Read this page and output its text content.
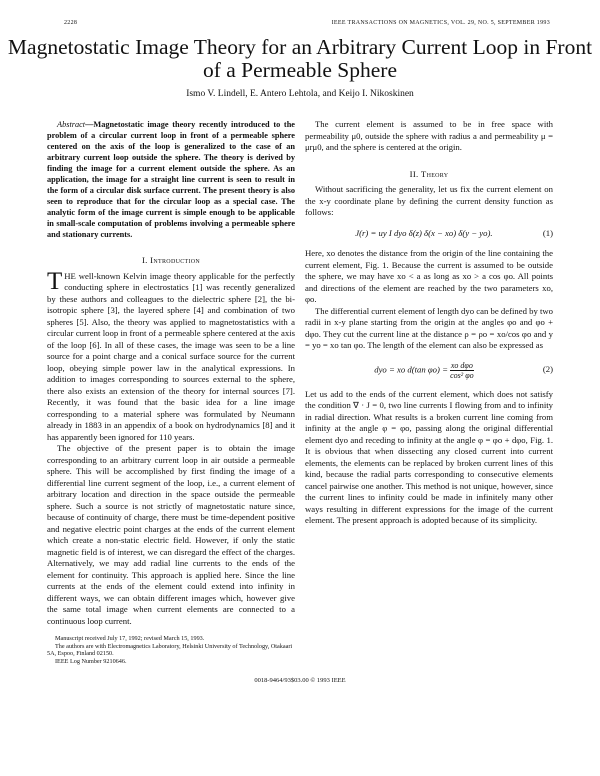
2228	IEEE TRANSACTIONS ON MAGNETICS, VOL. 29, NO. 5, SEPTEMBER 1993
Magnetostatic Image Theory for an Arbitrary Current Loop in Front of a Permeable Sphere
Ismo V. Lindell, E. Antero Lehtola, and Keijo I. Nikoskinen

Abstract—Magnetostatic image theory recently introduced to the problem of a circular current loop in front of a permeable sphere centered on the axis of the loop is generalized to the case of an arbitrary current loop outside the sphere. The theory is derived by finding the image for a current element outside the sphere. As an application, the image for a straight line current is seen to result in the form of a circular disk surface current. The present theory is also seen to reproduce that for the circular loop as a special case. The analytic form of the image current is simple enough to be applicable in small-scale computation of problems involving a permeable sphere and stationary currents.

I. Introduction

THE well-known Kelvin image theory applicable for the perfectly conducting sphere in electrostatics [1] was recently generalized by these authors and colleagues to the dielectric sphere [2], the bi-isotropic sphere [3], the layered sphere [4] and combination of two spheres [5]. Also, the theory was applied to magnetostatistics with a circular current loop in front of a permeable sphere centered at the axis of the loop [6]. In all of these cases, the image was seen to be a line source for a point charge and a conical surface source for the current loop, obeying simple power law in the analytical expressions. In addition to images corresponding to sources external to the sphere, there also exists an extension of the theory for internal sources [7]. Recently, it was found that the basic idea for a line image corresponding to a material sphere was formulated by Neumann already in 1883 in an appendix of a book on hydrodynamics [8] and it has apparently been ignored for 110 years.

The objective of the present paper is to obtain the image corresponding to an arbitrary current loop in air outside a permeable sphere. This will be accomplished by first finding the image of a differential line current segment of the loop, i.e., a current element of arbitrary location and direction in the space outside the permeable sphere. Such a source is not strictly of magnetostatic nature since, because of continuity of charge, there must be time-dependent positive and negative electric point charges at the ends of the current element which create a non-static electric field. However, if only the static magnetic field is of interest, we can disregard the effect of the charges. Alternatively, we may add radial line currents to the ends of the element for continuity. This approach is applied here. Since the line currents at the ends of the element could extend into infinity in different ways, we can obtain different images which, however give the same total image when current elements are connected to a continuous loop current.

Manuscript received July 17, 1992; revised March 15, 1993.
The authors are with Electromagnetics Laboratory, Helsinki University of Technology, Otakaari 5A, Espoo, Finland 02150.
IEEE Log Number 9210646.

The current element is assumed to be in free space with permeability μ0, outside the sphere with radius a and permeability μ = μrμ0, and the sphere is centered at the origin.

II. Theory

Without sacrificing the generality, let us fix the current element on the x-y coordinate plane by defining the current density function as follows:

J(r) = uy I dyo δ(z) δ(x − xo) δ(y − yo).	(1)

Here, xo denotes the distance from the origin of the line containing the current element, Fig. 1. Because the current is assumed to be outside the sphere, we may have xo < a as long as xo > a cos φo. All points and directions of the element are reached by the two parameters xo, φo.

The differential current element of length dyo can be defined by two radii in x-y plane starting from the origin at the angles φo and φo + dφo. They cut the current line at the distance ρ = ρo = xo/cos φo and y = yo = xo tan φo. The length of the element can also be expressed as

dyo = xo d(tan $\varphi o) = \frac{\text{xo dφo}}{\text{cos² φo}}$	(2)

Let us add to the ends of the current element, which does not satisfy the condition ∇ · J = 0, two line currents I flowing from and to infinity in radial direction. What results is a broken current line coming from infinity at the angle φ = φo, passing along the original differential element dyo and receding to infinity at the angle φ = φo + dφo, Fig. 1. It is obvious that when dissecting any closed current into current elements, the elements can be replaced by broken current lines of this kind, because the radial parts corresponding to consecutive elements cancel pairwise one another. This method is not unique, however, since the current lines to infinity could be made in infinitely many other ways resulting in different expressions for the image of the current element. The present approach is adopted because of its simplicity.

0018-9464/93$03.00 © 1993 IEEE
